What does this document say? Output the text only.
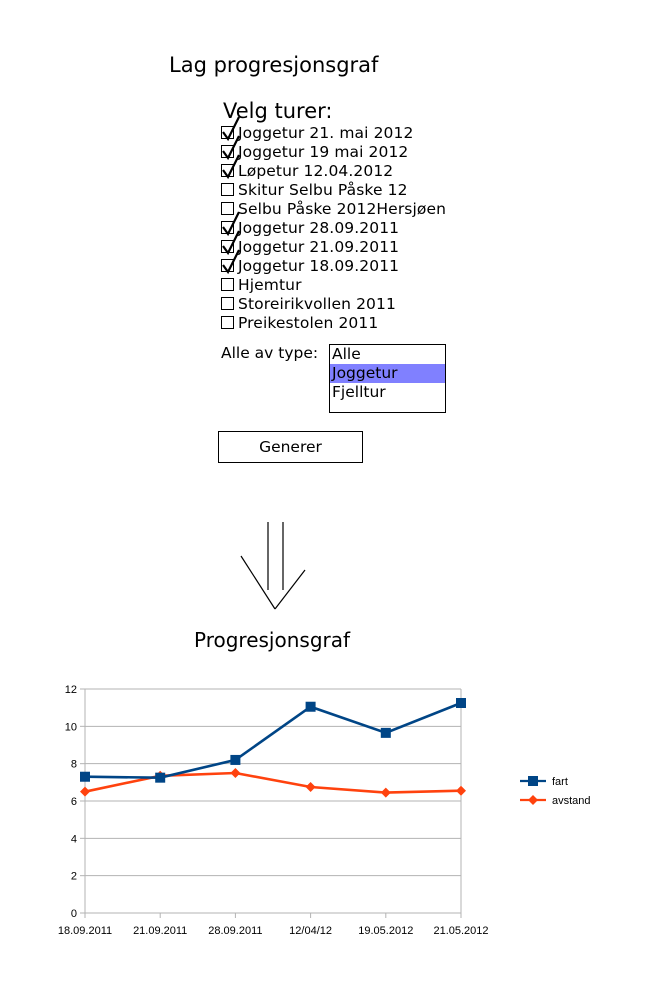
Lag progresjonsgraf
Velg turer:
Joggetur 21. mai 2012
Joggetur 19 mai 2012
Løpetur 12.04.2012
Skitur Selbu Påske 12
Selbu Påske 2012Hersjøen
Joggetur 28.09.2011
Joggetur 21.09.2011
Joggetur 18.09.2011
Hjemtur
Storeirikvollen 2011
Preikestolen 2011
Alle av type: Alle
Joggetur
Fjelltur
Generer
Progresjonsgraf
0
2
4
6
8
10
12
18.09.2011 21.09.2011 28.09.2011 12/04/12 19.05.2012 21.05.2012
fart
avstand
